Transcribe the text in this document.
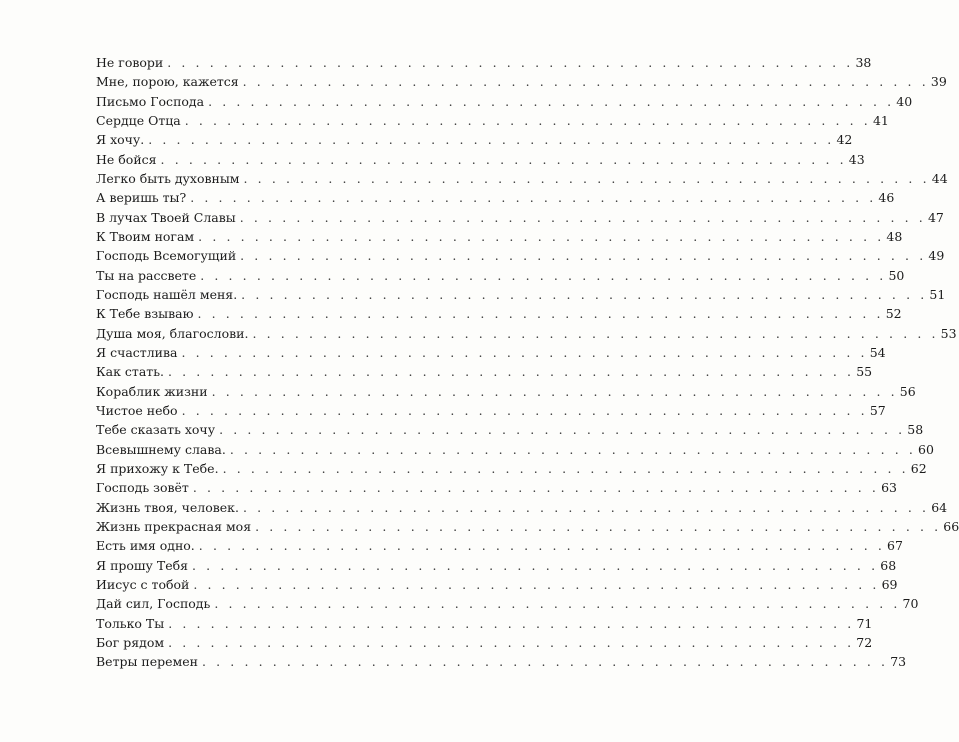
Не говори . . . . . . . . . . . . . . . . . . . . . . . . . . . . . . . . . . . . . . . . . . . . . . . . . 38
Мне, порою, кажется . . . . . . . . . . . . . . . . . . . . . . . . . . . . . . . . . . . . . . . . . . . . . . . . . 39
Письмо Господа . . . . . . . . . . . . . . . . . . . . . . . . . . . . . . . . . . . . . . . . . . . . . . . . . 40
Сердце Отца . . . . . . . . . . . . . . . . . . . . . . . . . . . . . . . . . . . . . . . . . . . . . . . . . 41
Я хочу. . . . . . . . . . . . . . . . . . . . . . . . . . . . . . . . . . . . . . . . . . . . . . . . . . 42
Не бойся . . . . . . . . . . . . . . . . . . . . . . . . . . . . . . . . . . . . . . . . . . . . . . . . . 43
Легко быть духовным . . . . . . . . . . . . . . . . . . . . . . . . . . . . . . . . . . . . . . . . . . . . . . . . . 44
А веришь ты? . . . . . . . . . . . . . . . . . . . . . . . . . . . . . . . . . . . . . . . . . . . . . . . . . 46
В лучах Твоей Славы . . . . . . . . . . . . . . . . . . . . . . . . . . . . . . . . . . . . . . . . . . . . . . . . . 47
К Твоим ногам . . . . . . . . . . . . . . . . . . . . . . . . . . . . . . . . . . . . . . . . . . . . . . . . . 48
Господь Всемогущий . . . . . . . . . . . . . . . . . . . . . . . . . . . . . . . . . . . . . . . . . . . . . . . . . 49
Ты на рассвете . . . . . . . . . . . . . . . . . . . . . . . . . . . . . . . . . . . . . . . . . . . . . . . . . 50
Господь нашёл меня. . . . . . . . . . . . . . . . . . . . . . . . . . . . . . . . . . . . . . . . . . . . . . . . . . 51
К Тебе взываю . . . . . . . . . . . . . . . . . . . . . . . . . . . . . . . . . . . . . . . . . . . . . . . . . 52
Душа моя, благослови. . . . . . . . . . . . . . . . . . . . . . . . . . . . . . . . . . . . . . . . . . . . . . . . . . 53
Я счастлива . . . . . . . . . . . . . . . . . . . . . . . . . . . . . . . . . . . . . . . . . . . . . . . . . 54
Как стать. . . . . . . . . . . . . . . . . . . . . . . . . . . . . . . . . . . . . . . . . . . . . . . . . . 55
Кораблик жизни . . . . . . . . . . . . . . . . . . . . . . . . . . . . . . . . . . . . . . . . . . . . . . . . . 56
Чистое небо . . . . . . . . . . . . . . . . . . . . . . . . . . . . . . . . . . . . . . . . . . . . . . . . . 57
Тебе сказать хочу . . . . . . . . . . . . . . . . . . . . . . . . . . . . . . . . . . . . . . . . . . . . . . . . . 58
Всевышнему слава. . . . . . . . . . . . . . . . . . . . . . . . . . . . . . . . . . . . . . . . . . . . . . . . . . 60
Я прихожу к Тебе. . . . . . . . . . . . . . . . . . . . . . . . . . . . . . . . . . . . . . . . . . . . . . . . . . 62
Господь зовёт . . . . . . . . . . . . . . . . . . . . . . . . . . . . . . . . . . . . . . . . . . . . . . . . . 63
Жизнь твоя, человек. . . . . . . . . . . . . . . . . . . . . . . . . . . . . . . . . . . . . . . . . . . . . . . . . . 64
Жизнь прекрасная моя . . . . . . . . . . . . . . . . . . . . . . . . . . . . . . . . . . . . . . . . . . . . . . . . . 66
Есть имя одно. . . . . . . . . . . . . . . . . . . . . . . . . . . . . . . . . . . . . . . . . . . . . . . . . . 67
Я прошу Тебя . . . . . . . . . . . . . . . . . . . . . . . . . . . . . . . . . . . . . . . . . . . . . . . . . 68
Иисус с тобой . . . . . . . . . . . . . . . . . . . . . . . . . . . . . . . . . . . . . . . . . . . . . . . . . 69
Дай сил, Господь . . . . . . . . . . . . . . . . . . . . . . . . . . . . . . . . . . . . . . . . . . . . . . . . . 70
Только Ты . . . . . . . . . . . . . . . . . . . . . . . . . . . . . . . . . . . . . . . . . . . . . . . . . 71
Бог рядом . . . . . . . . . . . . . . . . . . . . . . . . . . . . . . . . . . . . . . . . . . . . . . . . . 72
Ветры перемен . . . . . . . . . . . . . . . . . . . . . . . . . . . . . . . . . . . . . . . . . . . . . . . . . 73
